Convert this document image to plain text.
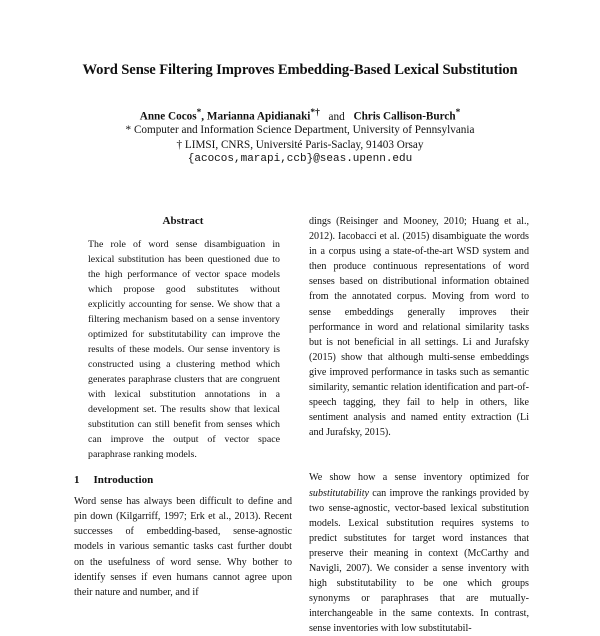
Word Sense Filtering Improves Embedding-Based Lexical Substitution
Anne Cocos*, Marianna Apidianaki*† and Chris Callison-Burch*
* Computer and Information Science Department, University of Pennsylvania
† LIMSI, CNRS, Université Paris-Saclay, 91403 Orsay
{acocos,marapi,ccb}@seas.upenn.edu
Abstract

The role of word sense disambiguation in lexical substitution has been questioned due to the high performance of vector space models which propose good substitutes without explicitly accounting for sense. We show that a filtering mechanism based on a sense inventory optimized for substitutability can improve the results of these models. Our sense inventory is constructed using a clustering method which generates paraphrase clusters that are congruent with lexical substitution annotations in a development set. The results show that lexical substitution can still benefit from senses which can improve the output of vector space paraphrase ranking models.

1 Introduction

Word sense has always been difficult to define and pin down (Kilgarriff, 1997; Erk et al., 2013). Recent successes of embedding-based, sense-agnostic models in various semantic tasks cast further doubt on the usefulness of word sense. Why bother to identify senses if even humans cannot agree upon their nature and number, and if

dings (Reisinger and Mooney, 2010; Huang et al., 2012). Iacobacci et al. (2015) disambiguate the words in a corpus using a state-of-the-art WSD system and then produce continuous representations of word senses based on distributional information obtained from the annotated corpus. Moving from word to sense embeddings generally improves their performance in word and relational similarity tasks but is not beneficial in all settings. Li and Jurafsky (2015) show that although multi-sense embeddings give improved performance in tasks such as semantic similarity, semantic relation identification and part-of-speech tagging, they fail to help in others, like sentiment analysis and named entity extraction (Li and Jurafsky, 2015).

We show how a sense inventory optimized for substitutability can improve the rankings provided by two sense-agnostic, vector-based lexical substitution models. Lexical substitution requires systems to predict substitutes for target word instances that preserve their meaning in context (McCarthy and Navigli, 2007). We consider a sense inventory with high substitutability to be one which groups synonyms or paraphrases that are mutually-interchangeable in the same contexts. In contrast, sense inventories with low substitutabil-
